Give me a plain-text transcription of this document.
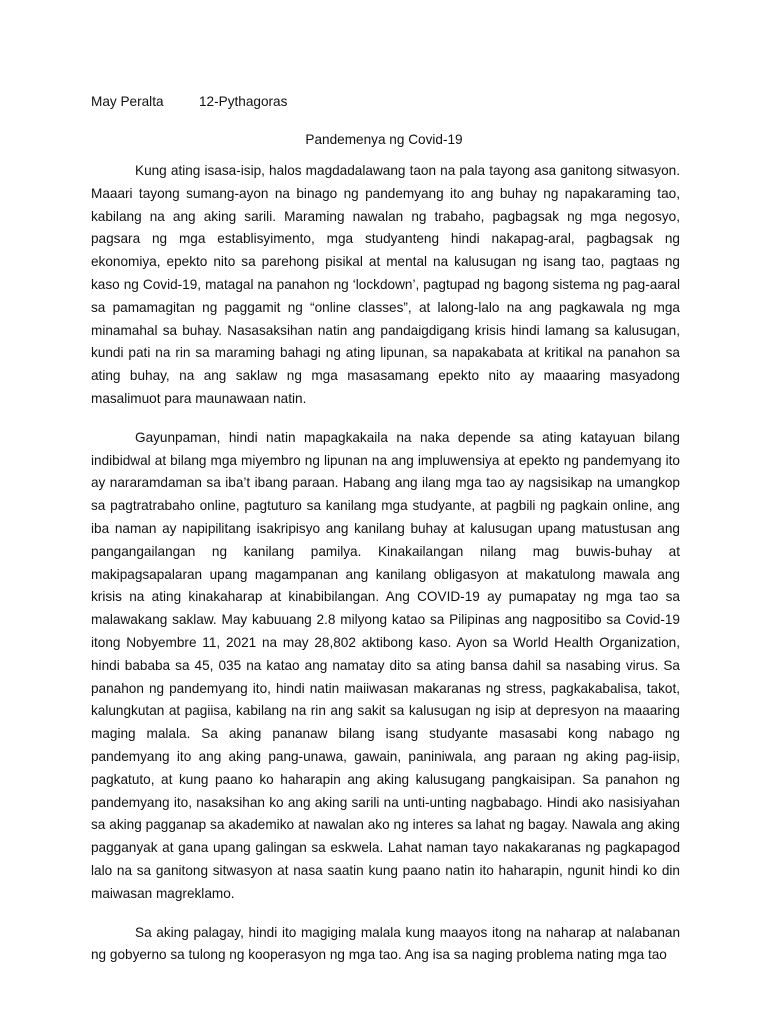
May Peralta	12-Pythagoras
Pandemenya ng Covid-19

Kung ating isasa-isip, halos magdadalawang taon na pala tayong asa ganitong sitwasyon. Maaari tayong sumang-ayon na binago ng pandemyang ito ang buhay ng napakaraming tao, kabilang na ang aking sarili. Maraming nawalan ng trabaho, pagbagsak ng mga negosyo, pagsara ng mga establisyimento, mga studyanteng hindi nakapag-aral, pagbagsak ng ekonomiya, epekto nito sa parehong pisikal at mental na kalusugan ng isang tao, pagtaas ng kaso ng Covid-19, matagal na panahon ng ‘lockdown’, pagtupad ng bagong sistema ng pag-aaral sa pamamagitan ng paggamit ng “online classes”, at lalong-lalo na ang pagkawala ng mga minamahal sa buhay. Nasasaksihan natin ang pandaigdigang krisis hindi lamang sa kalusugan, kundi pati na rin sa maraming bahagi ng ating lipunan, sa napakabata at kritikal na panahon sa ating buhay, na ang saklaw ng mga masasamang epekto nito ay maaaring masyadong masalimuot para maunawaan natin.

Gayunpaman, hindi natin mapagkakaila na naka depende sa ating katayuan bilang indibidwal at bilang mga miyembro ng lipunan na ang impluwensiya at epekto ng pandemyang ito ay nararamdaman sa iba’t ibang paraan. Habang ang ilang mga tao ay nagsisikap na umangkop sa pagtratrabaho online, pagtuturo sa kanilang mga studyante, at pagbili ng pagkain online, ang iba naman ay napipilitang isakripisyo ang kanilang buhay at kalusugan upang matustusan ang pangangailangan ng kanilang pamilya. Kinakailangan nilang mag buwis-buhay at makipagsapalaran upang magampanan ang kanilang obligasyon at makatulong mawala ang krisis na ating kinakaharap at kinabibilangan. Ang COVID-19 ay pumapatay ng mga tao sa malawakang saklaw. May kabuuang 2.8 milyong katao sa Pilipinas ang nagpositibo sa Covid-19 itong Nobyembre 11, 2021 na may 28,802 aktibong kaso. Ayon sa World Health Organization, hindi bababa sa 45, 035 na katao ang namatay dito sa ating bansa dahil sa nasabing virus. Sa panahon ng pandemyang ito, hindi natin maiiwasan makaranas ng stress, pagkakabalisa, takot, kalungkutan at pagiisa, kabilang na rin ang sakit sa kalusugan ng isip at depresyon na maaaring maging malala. Sa aking pananaw bilang isang studyante masasabi kong nabago ng pandemyang ito ang aking pang-unawa, gawain, paniniwala, ang paraan ng aking pag-iisip, pagkatuto, at kung paano ko haharapin ang aking kalusugang pangkaisipan. Sa panahon ng pandemyang ito, nasaksihan ko ang aking sarili na unti-unting nagbabago. Hindi ako nasisiyahan sa aking pagganap sa akademiko at nawalan ako ng interes sa lahat ng bagay. Nawala ang aking pagganyak at gana upang galingan sa eskwela. Lahat naman tayo nakakaranas ng pagkapagod lalo na sa ganitong sitwasyon at nasa saatin kung paano natin ito haharapin, ngunit hindi ko din maiwasan magreklamo.

Sa aking palagay, hindi ito magiging malala kung maayos itong na naharap at nalabanan ng gobyerno sa tulong ng kooperasyon ng mga tao. Ang isa sa naging problema nating mga tao
